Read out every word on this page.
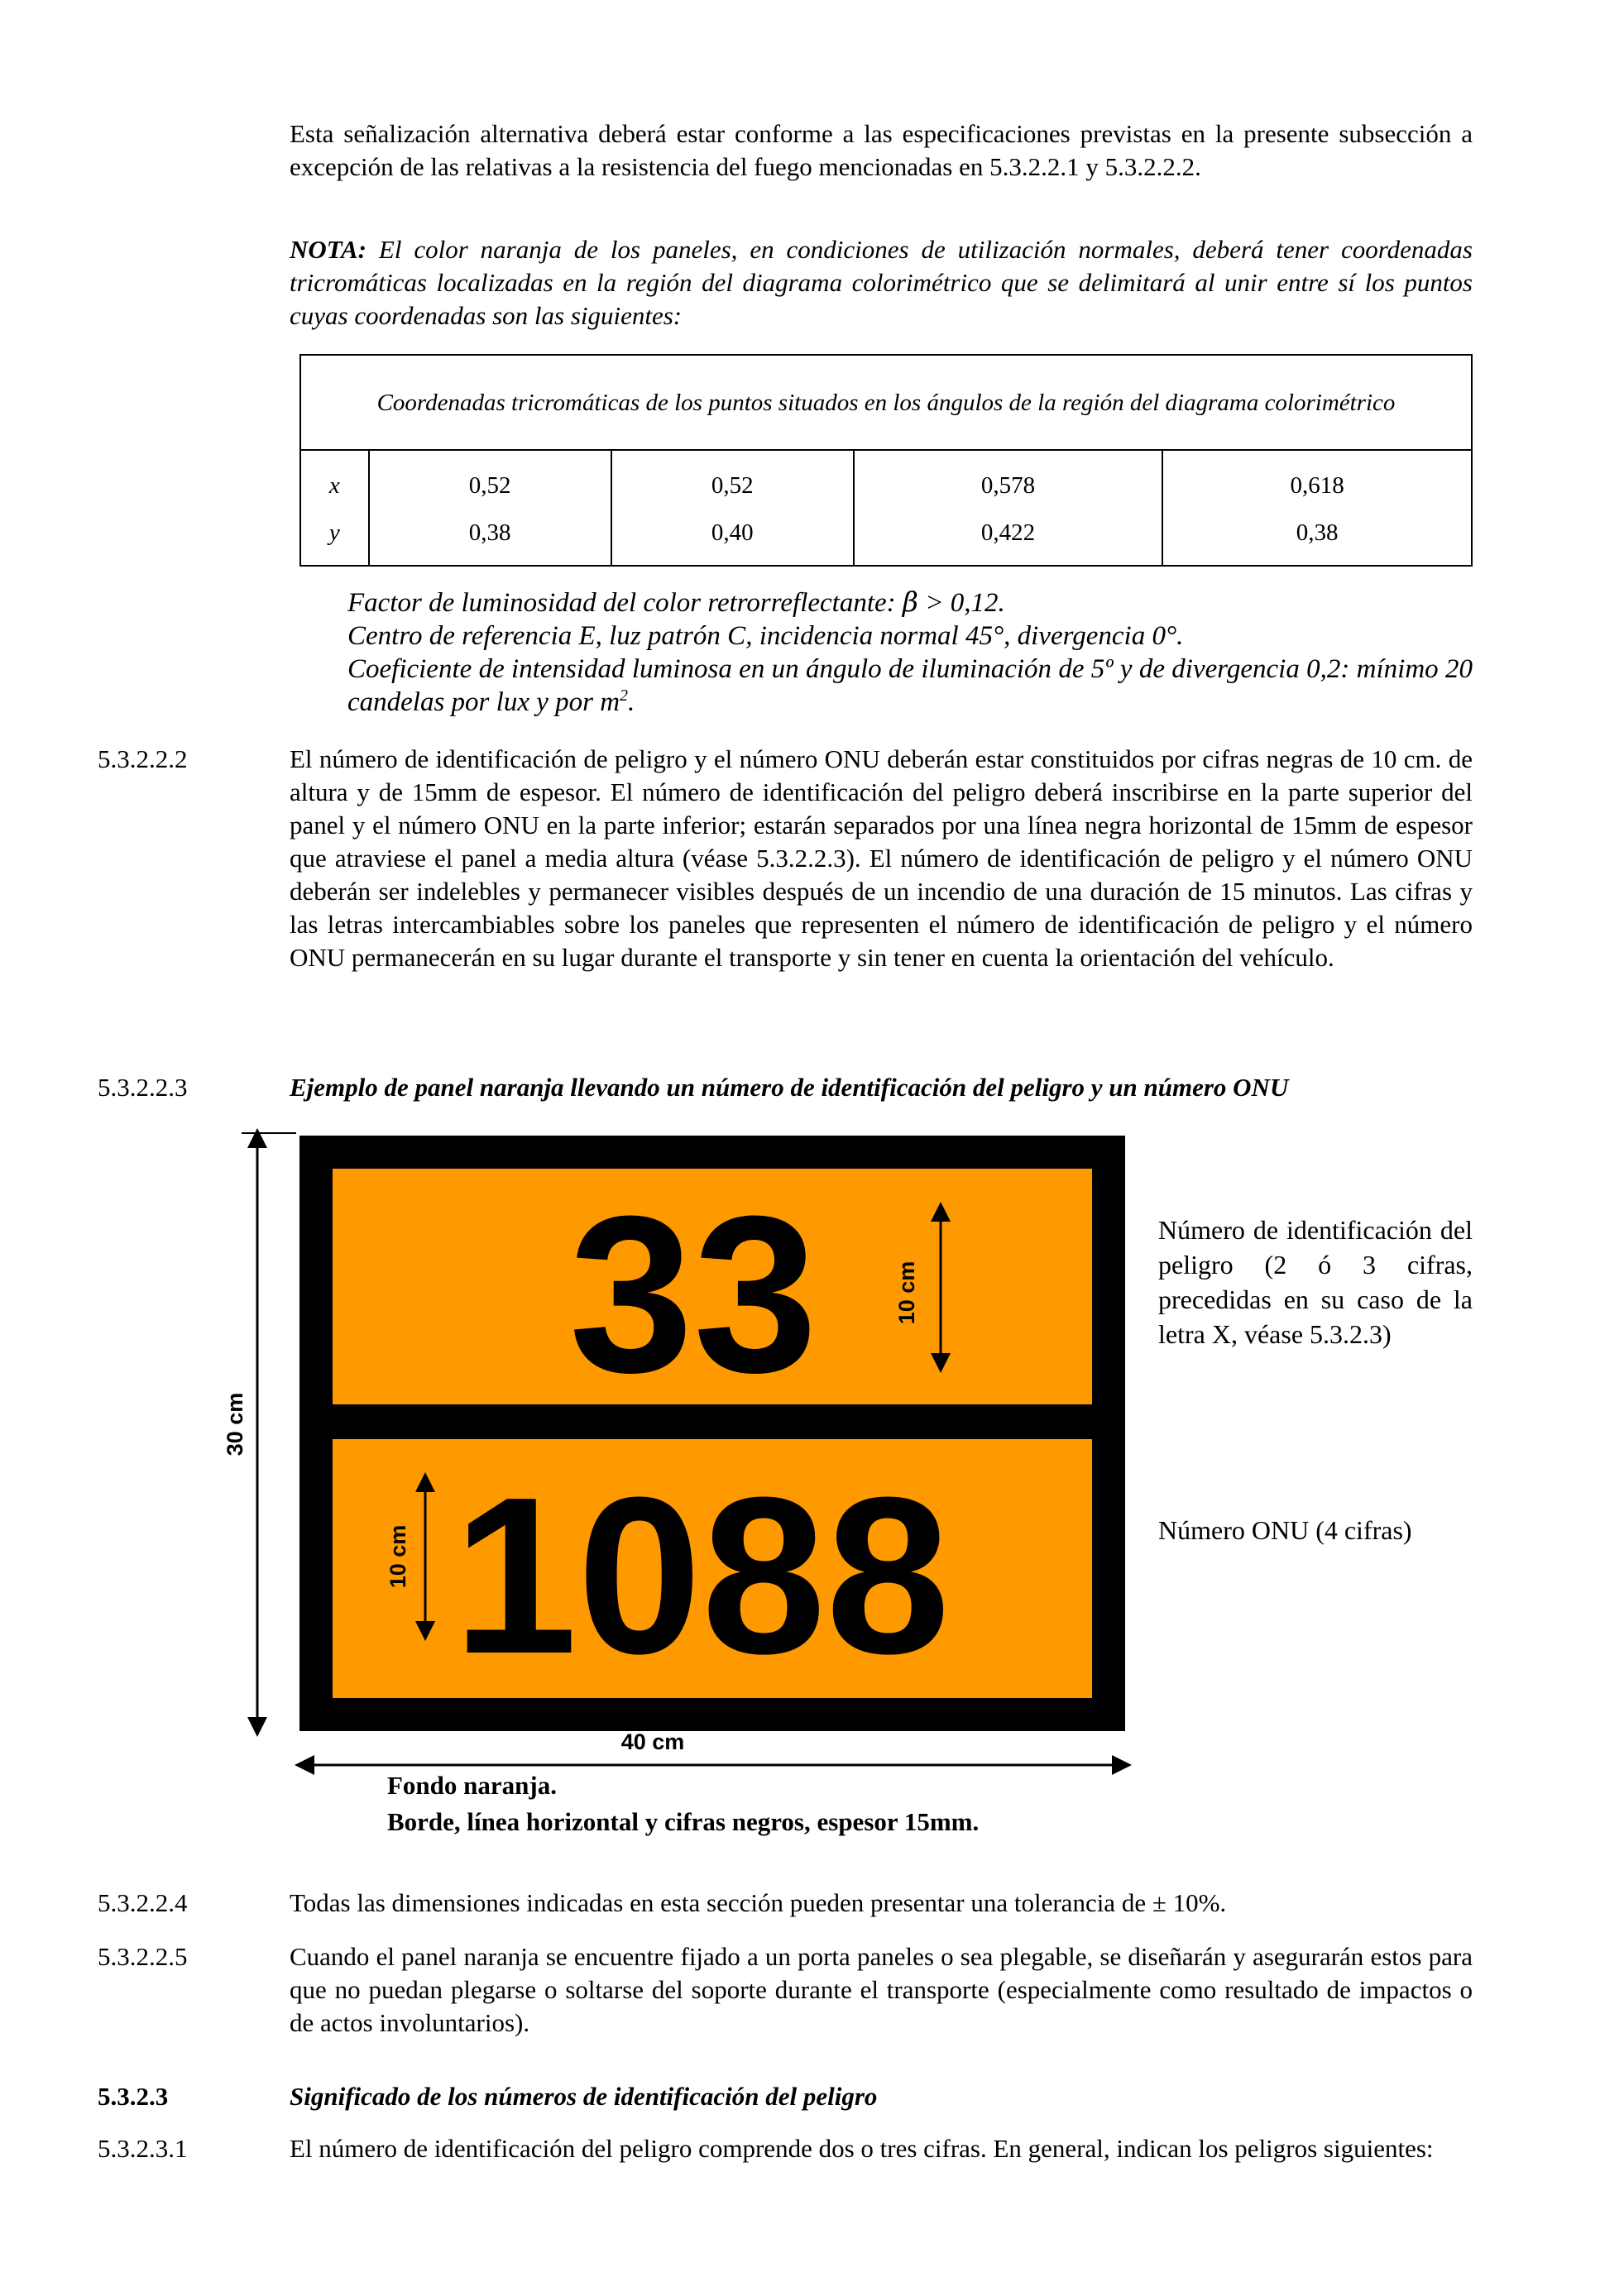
Esta señalización alternativa deberá estar conforme a las especificaciones previstas en la presente subsección a excepción de las relativas a la resistencia del fuego mencionadas en 5.3.2.2.1 y 5.3.2.2.2.

NOTA: El color naranja de los paneles, en condiciones de utilización normales, deberá tener coordenadas tricromáticas localizadas en la región del diagrama colorimétrico que se delimitará al unir entre sí los puntos cuyas coordenadas son las siguientes:

Coordenadas tricromáticas de los puntos situados en los ángulos de la región del diagrama colorimétrico				
x	0,52	0,52	0,578	0,618
y	0,38	0,40	0,422	0,38

Factor de luminosidad del color retrorreflectante: β > 0,12.

Centro de referencia E, luz patrón C, incidencia normal 45°, divergencia 0°.

Coeficiente de intensidad luminosa en un ángulo de iluminación de 5º y de divergencia 0,2: mínimo 20 candelas por lux y por $m^2$.

5.3.2.2.2	El número de identificación de peligro y el número ONU deberán estar constituidos por cifras negras de 10 cm. de altura y de 15mm de espesor. El número de identificación del peligro deberá inscribirse en la parte superior del panel y el número ONU en la parte inferior; estarán separados por una línea negra horizontal de 15mm de espesor que atraviese el panel a media altura (véase 5.3.2.2.3). El número de identificación de peligro y el número ONU deberán ser indelebles y permanecer visibles después de un incendio de una duración de 15 minutos. Las cifras y las letras intercambiables sobre los paneles que representen el número de identificación de peligro y el número ONU permanecerán en su lugar durante el transporte y sin tener en cuenta la orientación del vehículo.

5.3.2.2.3	Ejemplo de panel naranja llevando un número de identificación del peligro y un número ONU

33
1088
10 cm
10 cm
30 cm
40 cm

Número de identificación del peligro (2 ó 3 cifras, precedidas en su caso de la letra X, véase 5.3.2.3)

Número ONU (4 cifras)

Fondo naranja.
Borde, línea horizontal y cifras negros, espesor 15mm.

5.3.2.2.4	Todas las dimensiones indicadas en esta sección pueden presentar una tolerancia de ± 10%.

5.3.2.2.5	Cuando el panel naranja se encuentre fijado a un porta paneles o sea plegable, se diseñarán y asegurarán estos para que no puedan plegarse o soltarse del soporte durante el transporte (especialmente como resultado de impactos o de actos involuntarios).

5.3.2.3	Significado de los números de identificación del peligro

5.3.2.3.1	El número de identificación del peligro comprende dos o tres cifras. En general, indican los peligros siguientes:
